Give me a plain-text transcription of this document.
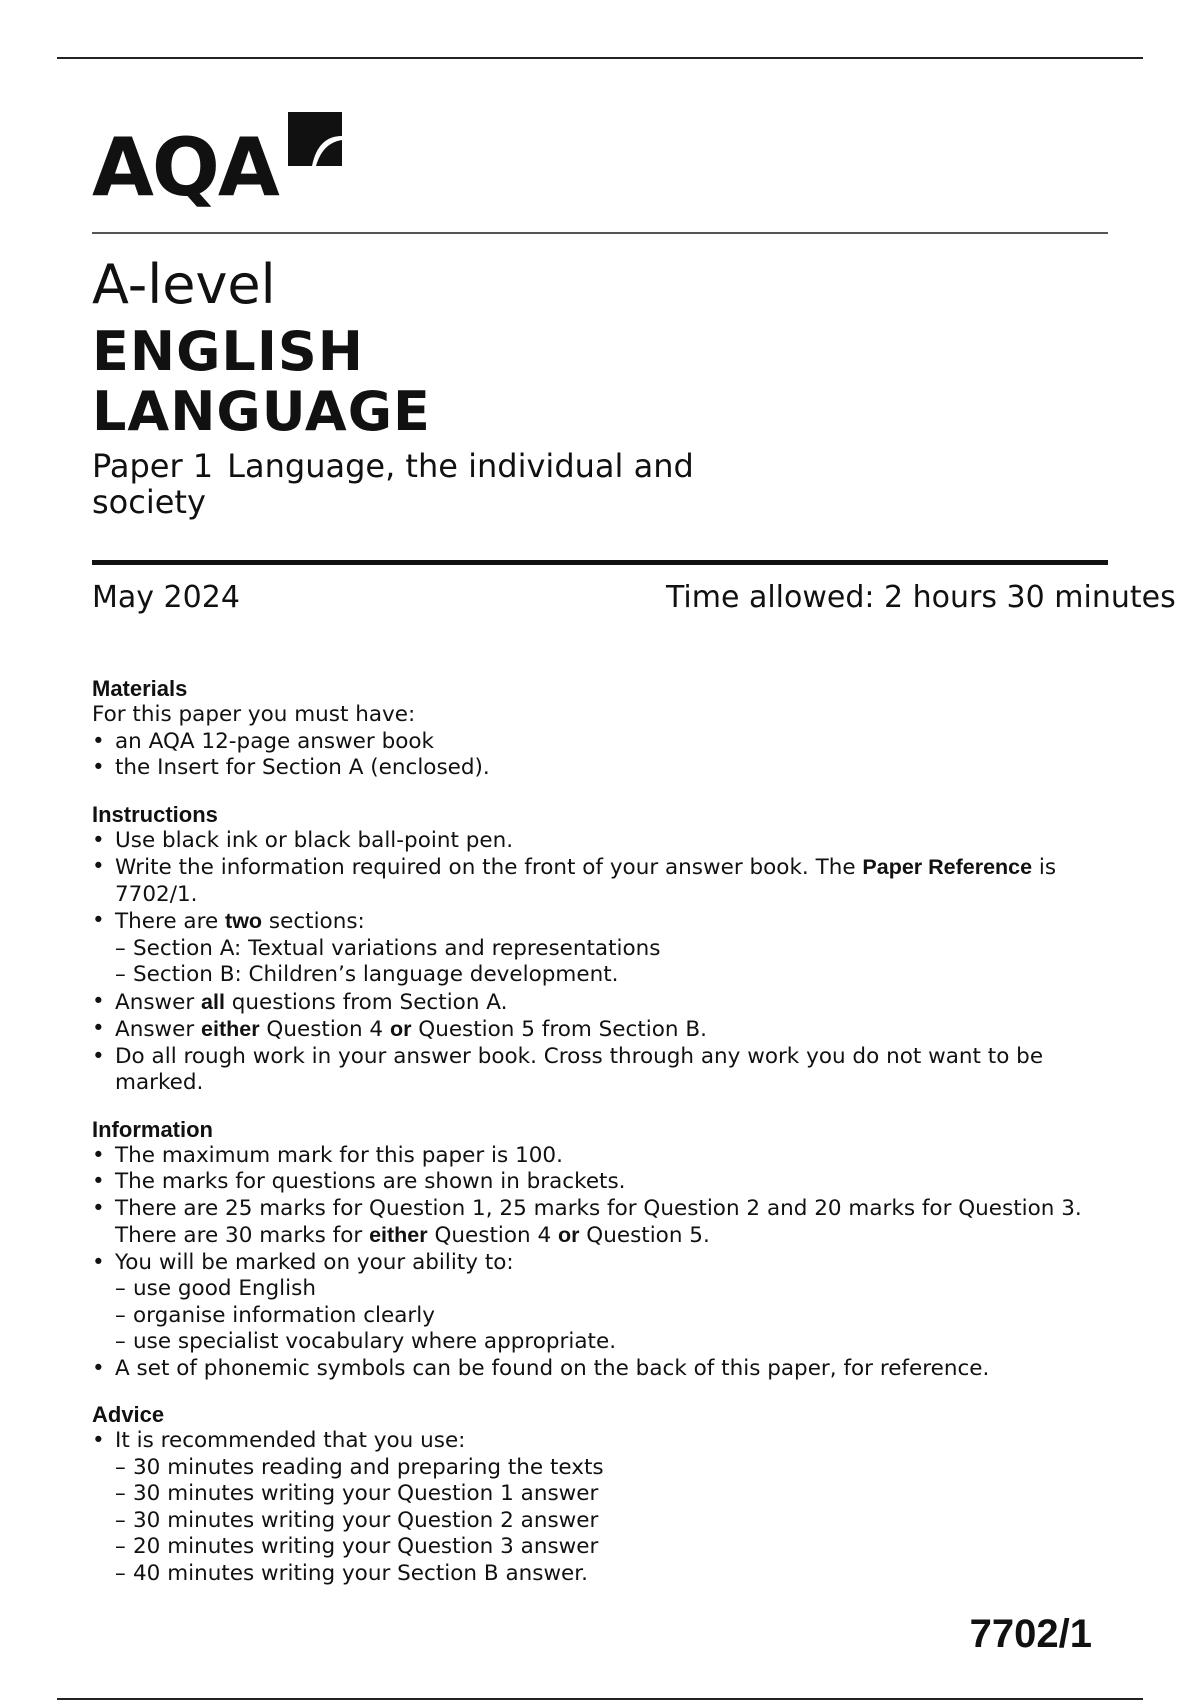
AQA
A-level
ENGLISH LANGUAGE
Paper 1 Language, the individual and society
May 2024	Time allowed: 2 hours 30 minutes
Materials
For this paper you must have:
• an AQA 12-page answer book
• the Insert for Section A (enclosed).
Instructions
• Use black ink or black ball-point pen.
• Write the information required on the front of your answer book. The Paper Reference is 7702/1.
• There are two sections:
– Section A: Textual variations and representations
– Section B: Children’s language development.
• Answer all questions from Section A.
• Answer either Question 4 or Question 5 from Section B.
• Do all rough work in your answer book. Cross through any work you do not want to be marked.
Information
• The maximum mark for this paper is 100.
• The marks for questions are shown in brackets.
• There are 25 marks for Question 1, 25 marks for Question 2 and 20 marks for Question 3. There are 30 marks for either Question 4 or Question 5.
• You will be marked on your ability to:
– use good English
– organise information clearly
– use specialist vocabulary where appropriate.
• A set of phonemic symbols can be found on the back of this paper, for reference.
Advice
• It is recommended that you use:
– 30 minutes reading and preparing the texts
– 30 minutes writing your Question 1 answer
– 30 minutes writing your Question 2 answer
– 20 minutes writing your Question 3 answer
– 40 minutes writing your Section B answer.
7702/1
